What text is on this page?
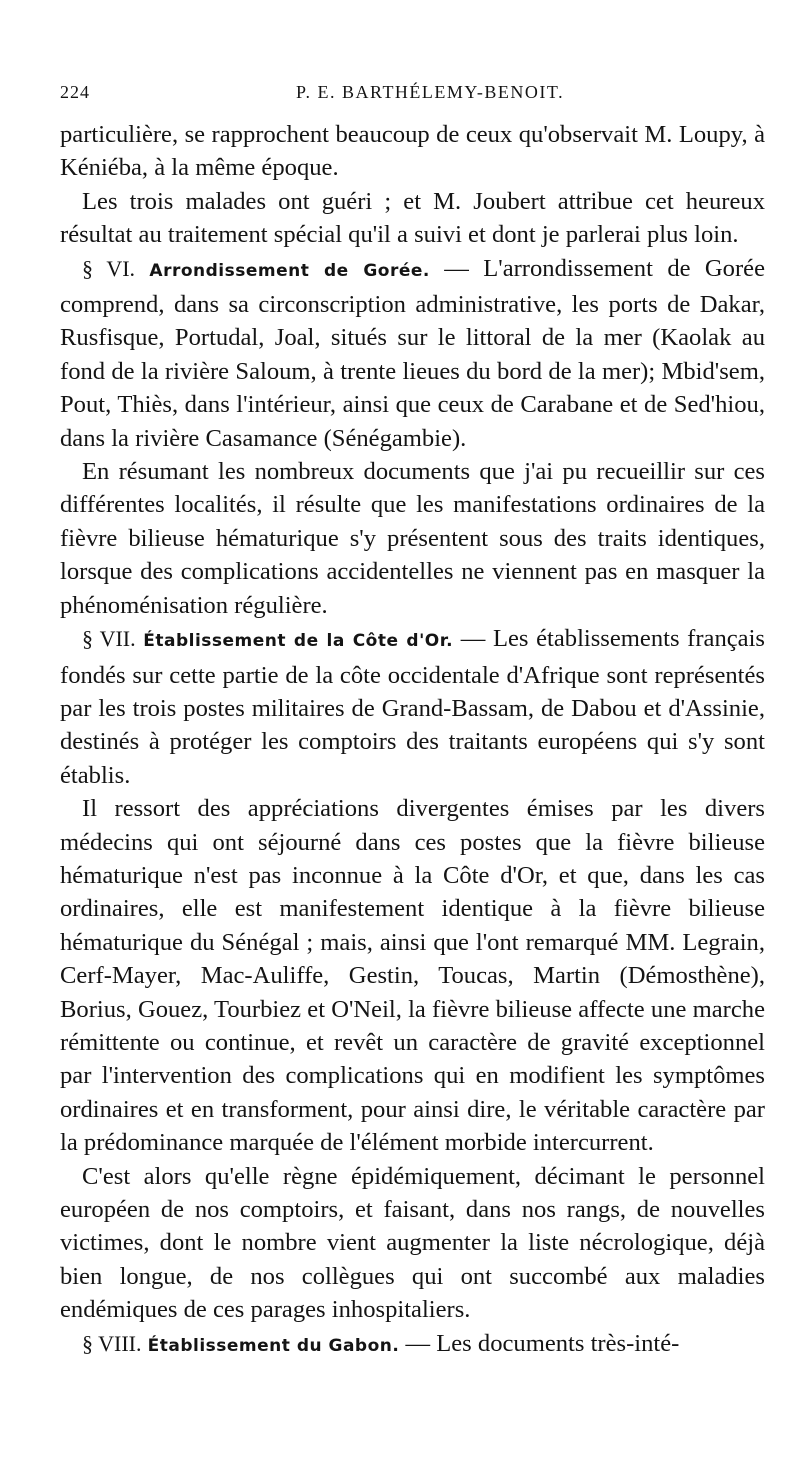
224	P. E. BARTHÉLEMY-BENOIT.

particulière, se rapprochent beaucoup de ceux qu'observait M. Loupy, à Kéniéba, à la même époque.

Les trois malades ont guéri ; et M. Joubert attribue cet heureux résultat au traitement spécial qu'il a suivi et dont je parlerai plus loin.

§ VI. Arrondissement de Gorée. — L'arrondissement de Gorée comprend, dans sa circonscription administrative, les ports de Dakar, Rusfisque, Portudal, Joal, situés sur le littoral de la mer (Kaolak au fond de la rivière Saloum, à trente lieues du bord de la mer); Mbid'sem, Pout, Thiès, dans l'intérieur, ainsi que ceux de Carabane et de Sed'hiou, dans la rivière Casamance (Sénégambie).

En résumant les nombreux documents que j'ai pu recueillir sur ces différentes localités, il résulte que les manifestations ordinaires de la fièvre bilieuse hématurique s'y présentent sous des traits identiques, lorsque des complications accidentelles ne viennent pas en masquer la phénoménisation régulière.

§ VII. Établissement de la Côte d'Or. — Les établissements français fondés sur cette partie de la côte occidentale d'Afrique sont représentés par les trois postes militaires de Grand-Bassam, de Dabou et d'Assinie, destinés à protéger les comptoirs des traitants européens qui s'y sont établis.

Il ressort des appréciations divergentes émises par les divers médecins qui ont séjourné dans ces postes que la fièvre bilieuse hématurique n'est pas inconnue à la Côte d'Or, et que, dans les cas ordinaires, elle est manifestement identique à la fièvre bilieuse hématurique du Sénégal ; mais, ainsi que l'ont remarqué MM. Legrain, Cerf-Mayer, Mac-Auliffe, Gestin, Toucas, Martin (Démosthène), Borius, Gouez, Tourbiez et O'Neil, la fièvre bilieuse affecte une marche rémittente ou continue, et revêt un caractère de gravité exceptionnel par l'intervention des complications qui en modifient les symptômes ordinaires et en transforment, pour ainsi dire, le véritable caractère par la prédominance marquée de l'élément morbide intercurrent.

C'est alors qu'elle règne épidémiquement, décimant le personnel européen de nos comptoirs, et faisant, dans nos rangs, de nouvelles victimes, dont le nombre vient augmenter la liste nécrologique, déjà bien longue, de nos collègues qui ont succombé aux maladies endémiques de ces parages inhospitaliers.

§ VIII. Établissement du Gabon. — Les documents très-inté-
